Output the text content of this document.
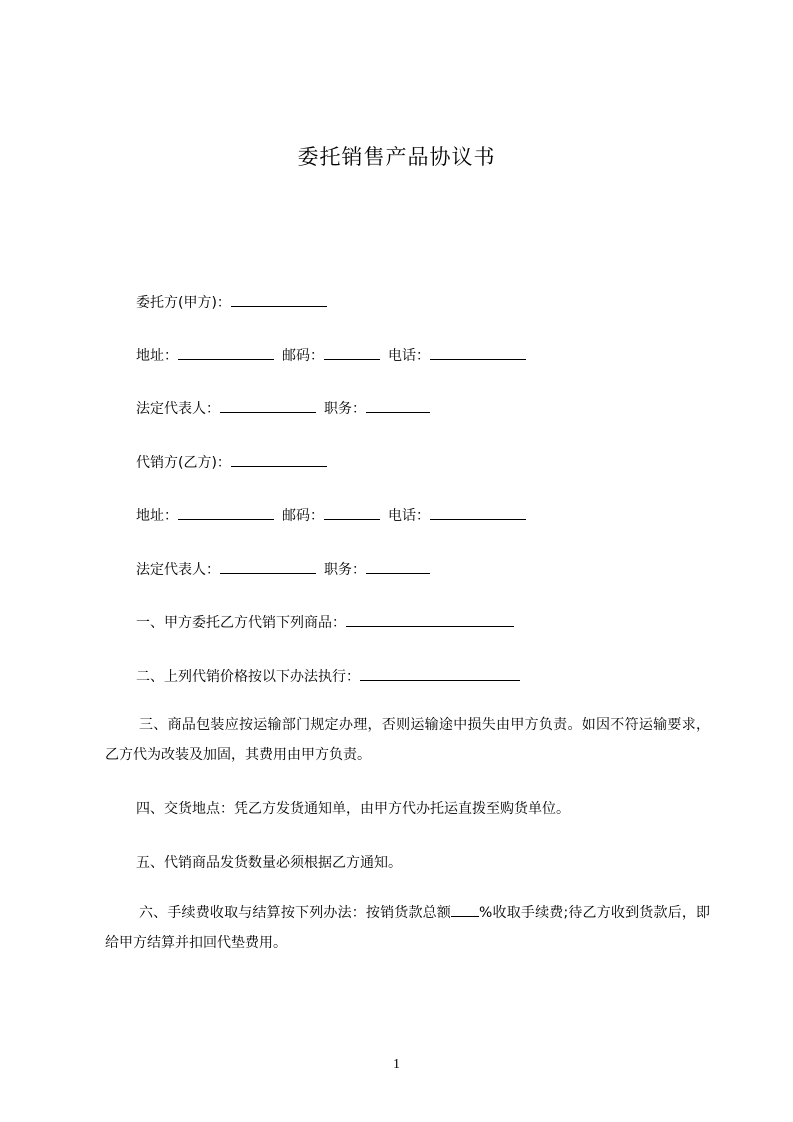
委托销售产品协议书
委托方(甲方)：
地址：	邮码：	电话：
法定代表人：	职务：
代销方(乙方)：
地址：	邮码：	电话：
法定代表人：	职务：
一、甲方委托乙方代销下列商品：
二、上列代销价格按以下办法执行：
三、商品包装应按运输部门规定办理，否则运输途中损失由甲方负责。如因不符运输要求，乙方代为改装及加固，其费用由甲方负责。
四、交货地点：凭乙方发货通知单，由甲方代办托运直拨至购货单位。
五、代销商品发货数量必须根据乙方通知。
六、手续费收取与结算按下列办法：按销货款总额 %收取手续费;待乙方收到货款后，即给甲方结算并扣回代垫费用。
1
